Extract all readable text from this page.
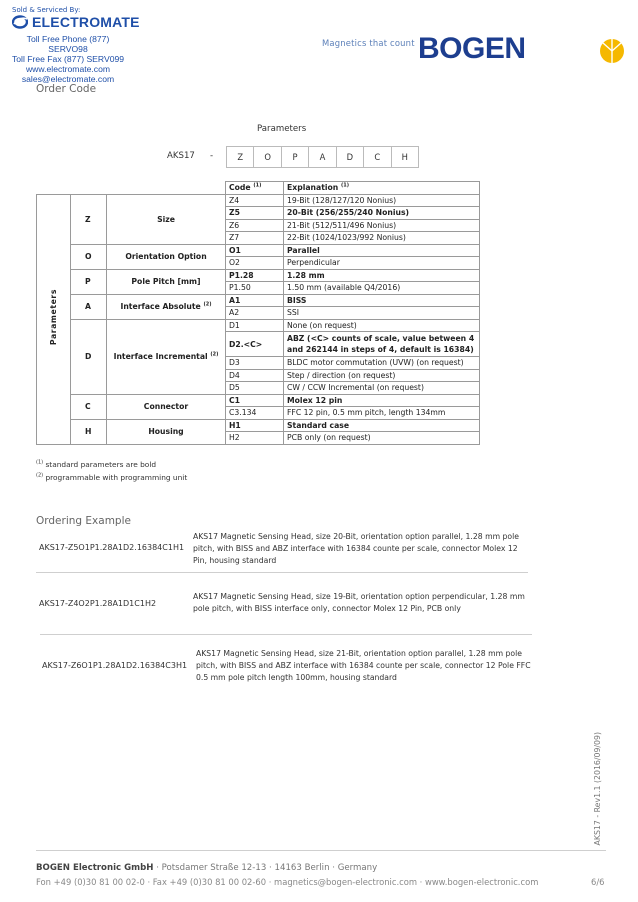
Sold & Serviced By:
ELECTROMATE
Toll Free Phone (877) SERVO98
Toll Free Fax (877) SERV099
www.electromate.com
sales@electromate.com
Magnetics that count BOGEN
Order Code
Parameters
AKS17 -	Z	O	P	A	D	C	H
			Code $^{(1)}$	Explanation $^{(1)}$
Parameters	Z	Size	Z4	19-Bit (128/127/120 Nonius)
			Z5	20-Bit (256/255/240 Nonius)
			Z6	21-Bit (512/511/496 Nonius)
			Z7	22-Bit (1024/1023/992 Nonius)
	O	Orientation Option	O1	Parallel
			O2	Perpendicular
	P	Pole Pitch [mm]	P1.28	1.28 mm
			P1.50	1.50 mm (available Q4/2016)
	A	Interface Absolute $^{(2)}$	A1	BISS
			A2	SSI
	D	Interface Incremental $^{(2)}$	D1	None (on request)
			D2.<C>	ABZ (<C> counts of scale, value between 4 and 262144 in steps of 4, default is 16384)
			D3	BLDC motor commutation (UVW) (on request)
			D4	Step / direction (on request)
			D5	CW / CCW Incremental (on request)
	C	Connector	C1	Molex 12 pin
			C3.134	FFC 12 pin, 0.5 mm pitch, length 134mm
	H	Housing	H1	Standard case
			H2	PCB only (on request)
$^{(1)}$ standard parameters are bold
$^{(2)}$ programmable with programming unit
Ordering Example
AKS17-Z5O1P1.28A1D2.16384C1H1
AKS17 Magnetic Sensing Head, size 20-Bit, orientation option parallel, 1.28 mm pole pitch, with BISS and ABZ interface with 16384 counte per scale, connector Molex 12 Pin, housing standard
AKS17-Z4O2P1.28A1D1C1H2
AKS17 Magnetic Sensing Head, size 19-Bit, orientation option perpendicular, 1.28 mm pole pitch, with BISS interface only, connector Molex 12 Pin, PCB only
AKS17-Z6O1P1.28A1D2.16384C3H1
AKS17 Magnetic Sensing Head, size 21-Bit, orientation option parallel, 1.28 mm pole pitch, with BISS and ABZ interface with 16384 counte per scale, connector 12 Pole FFC 0.5 mm pole pitch length 100mm, housing standard
AKS17 - Rev1.1 (2016/09/09)
BOGEN Electronic GmbH · Potsdamer Straße 12-13 · 14163 Berlin · Germany
Fon +49 (0)30 81 00 02-0 · Fax +49 (0)30 81 00 02-60 · magnetics@bogen-electronic.com · www.bogen-electronic.com	6/6
